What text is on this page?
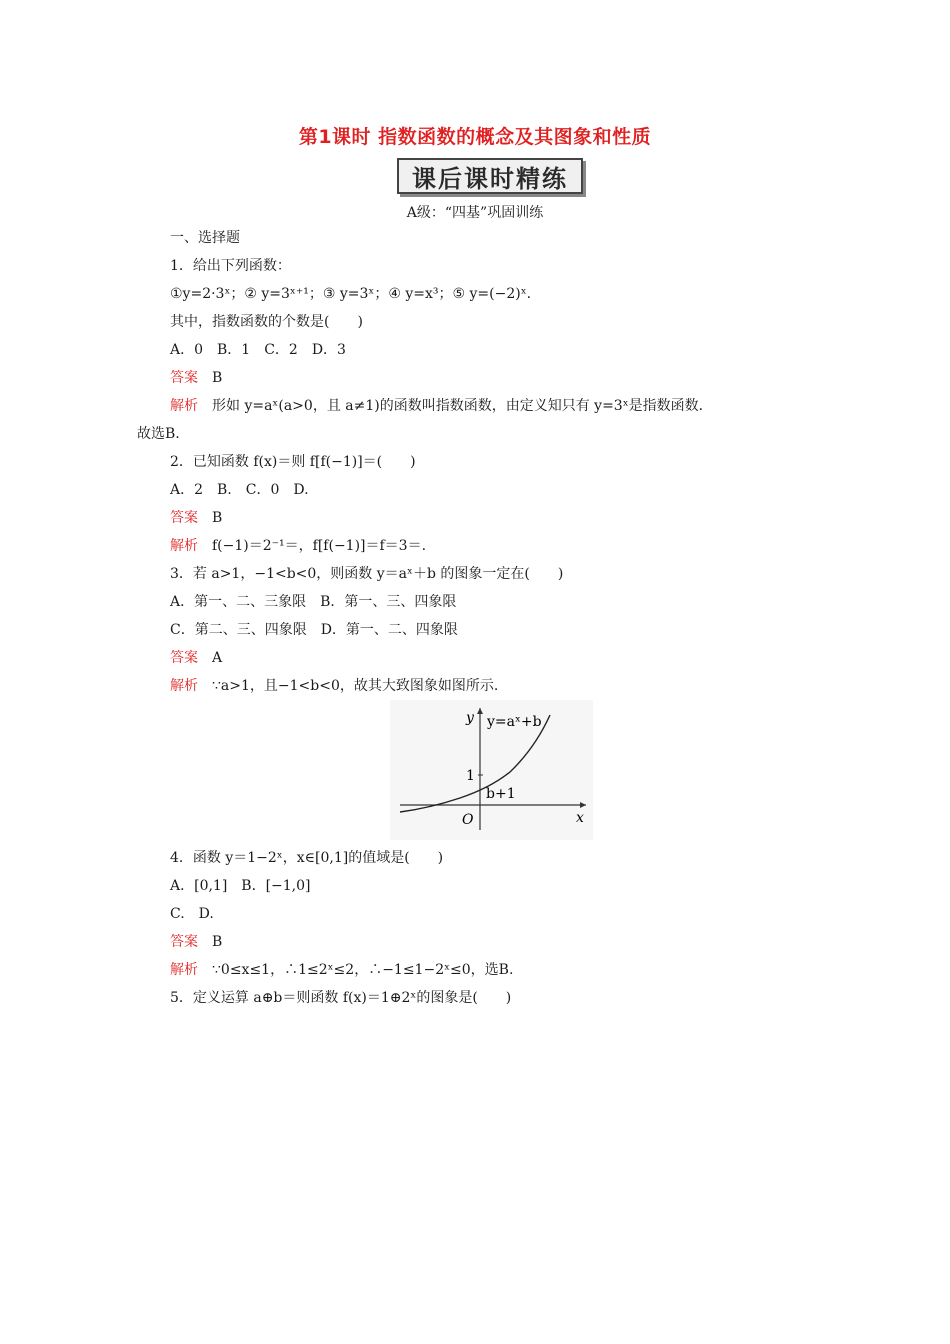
第1课时 指数函数的概念及其图象和性质
课后课时精练
A级：“四基”巩固训练
一、选择题
1．给出下列函数：
①y=2·3ˣ；② y=3ˣ⁺¹；③ y=3ˣ；④ y=x³；⑤ y=(−2)ˣ.
其中，指数函数的个数是(　　)
A．0　B．1　C．2　D．3
答案 B
解析 形如 y=aˣ(a>0，且 a≠1)的函数叫指数函数，由定义知只有 y=3ˣ是指数函数．
故选B.
2．已知函数 f(x)＝则 f[f(−1)]＝(　　)
A．2　B.　C．0　D.
答案 B
解析 f(−1)＝2⁻¹＝，f[f(−1)]＝f＝3＝.
3．若 a>1，−1<b<0，则函数 y＝aˣ＋b 的图象一定在(　　)
A．第一、二、三象限　B．第一、三、四象限
C．第二、三、四象限　D．第一、二、四象限
答案 A
解析 ∵a>1，且−1<b<0，故其大致图象如图所示.
1
y
x
O
y=aˣ+b
b+1
4．函数 y＝1−2ˣ，x∈[0,1]的值域是(　　)
A．[0,1]　B．[−1,0]
C.　D.
答案 B
解析 ∵0≤x≤1，∴1≤2ˣ≤2，∴−1≤1−2ˣ≤0，选B.
5．定义运算 a⊕b＝则函数 f(x)＝1⊕2ˣ的图象是(　　)
